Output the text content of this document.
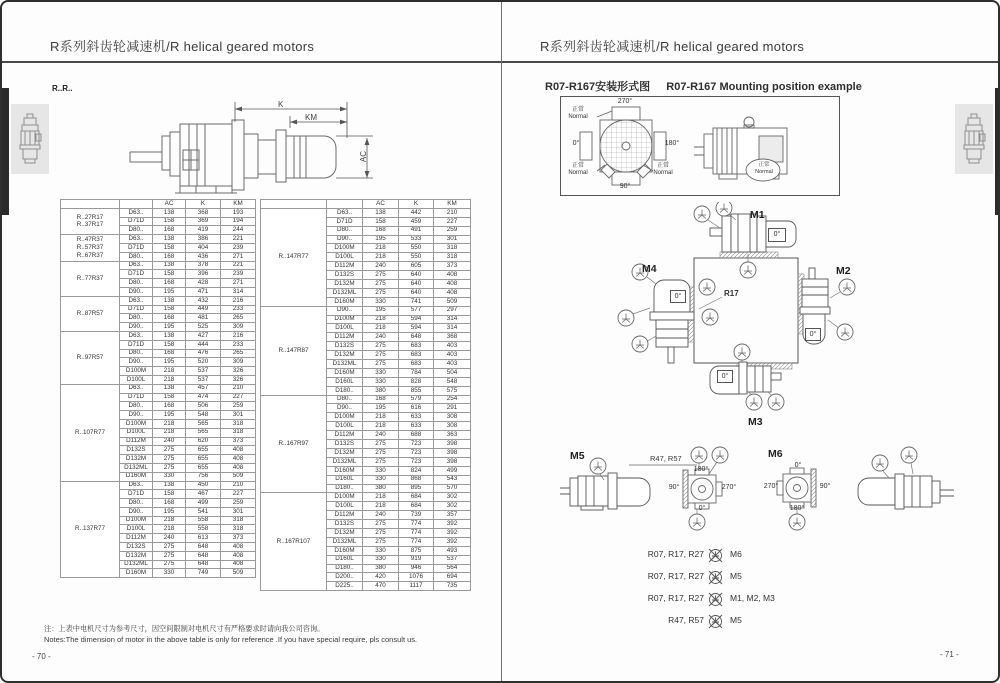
R系列斜齿轮减速机/R helical geared motors	R系列斜齿轮减速机/R helical geared motors
R..R..
K
KM
AC
		AC	K	KM
R..27R17
R..37R17	D63..	138	368	193
	D71D	158	369	194
	D80..	168	419	244
R..47R37
R..57R37
R..67R37	D63..	138	386	221
	D71D	158	404	239
	D80..	168	436	271
R..77R37	D63..	138	378	221
	D71D	158	396	239
	D80..	168	428	271
	D90..	195	471	314
R..87R57	D63..	138	432	216
	D71D	158	449	233
	D80..	168	481	265
	D90..	195	525	309
R..97R57	D63..	138	427	216
	D71D	158	444	233
	D80..	168	476	265
	D90..	195	520	309
	D100M	218	537	326
	D100L	218	537	326
R..107R77	D63..	138	457	210
	D71D	158	474	227
	D80..	168	506	259
	D90..	195	548	301
	D100M	218	565	318
	D100L	218	565	318
	D112M	240	620	373
	D132S	275	655	408
	D132M	275	655	408
	D132ML	275	655	408
	D160M	330	756	509
R..137R77	D63..	138	450	210
	D71D	158	467	227
	D80..	168	499	259
	D90..	195	541	301
	D100M	218	558	318
	D100L	218	558	318
	D112M	240	613	373
	D132S	275	648	408
	D132M	275	648	408
	D132ML	275	648	408
	D160M	330	749	509
		AC	K	KM
R..147R77	D63..	138	442	210
	D71D	158	459	227
	D80..	168	491	259
	D90..	195	533	301
	D100M	218	550	318
	D100L	218	550	318
	D112M	240	605	373
	D132S	275	640	408
	D132M	275	640	408
	D132ML	275	640	408
	D160M	330	741	509
R..147R87	D90..	195	577	297
	D100M	218	594	314
	D100L	218	594	314
	D112M	240	648	368
	D132S	275	683	403
	D132M	275	683	403
	D132ML	275	683	403
	D160M	330	784	504
	D160L	330	828	548
	D180..	380	855	575
R..167R97	D80..	168	579	254
	D90..	195	616	291
	D100M	218	633	308
	D100L	218	633	308
	D112M	240	688	363
	D132S	275	723	398
	D132M	275	723	398
	D132ML	275	723	398
	D160M	330	824	499
	D160L	330	868	543
	D180..	380	895	570
R..167R107	D100M	218	684	302
	D100L	218	684	302
	D112M	240	739	357
	D132S	275	774	392
	D132M	275	774	392
	D132ML	275	774	392
	D160M	330	875	493
	D160L	330	919	537
	D180..	380	946	564
	D200..	420	1076	694
	D225..	470	1117	735
注：上表中电机尺寸为参考尺寸，因空间限制对电机尺寸有严格要求时请向我公司咨询。
Notes:The dimension of motor in the above table is only for reference .If you have special require, pls consult us.
- 70 -
R07-R167安装形式图 R07-R167 Mounting position example
270°
0°	180°
90°
正常
Normal
正常
Normal
正常
Normal
正常
Normal
0°
0°
0°
0°
M1
M2
M4
M3
R17
M5	M6
R47, R57
180°
90°	270°
0°
0°
270°	90°
180°
R07, R17, R27	M6
R07, R17, R27	M5
R07, R17, R27	M1, M2, M3
R47, R57	M5
- 71 -
